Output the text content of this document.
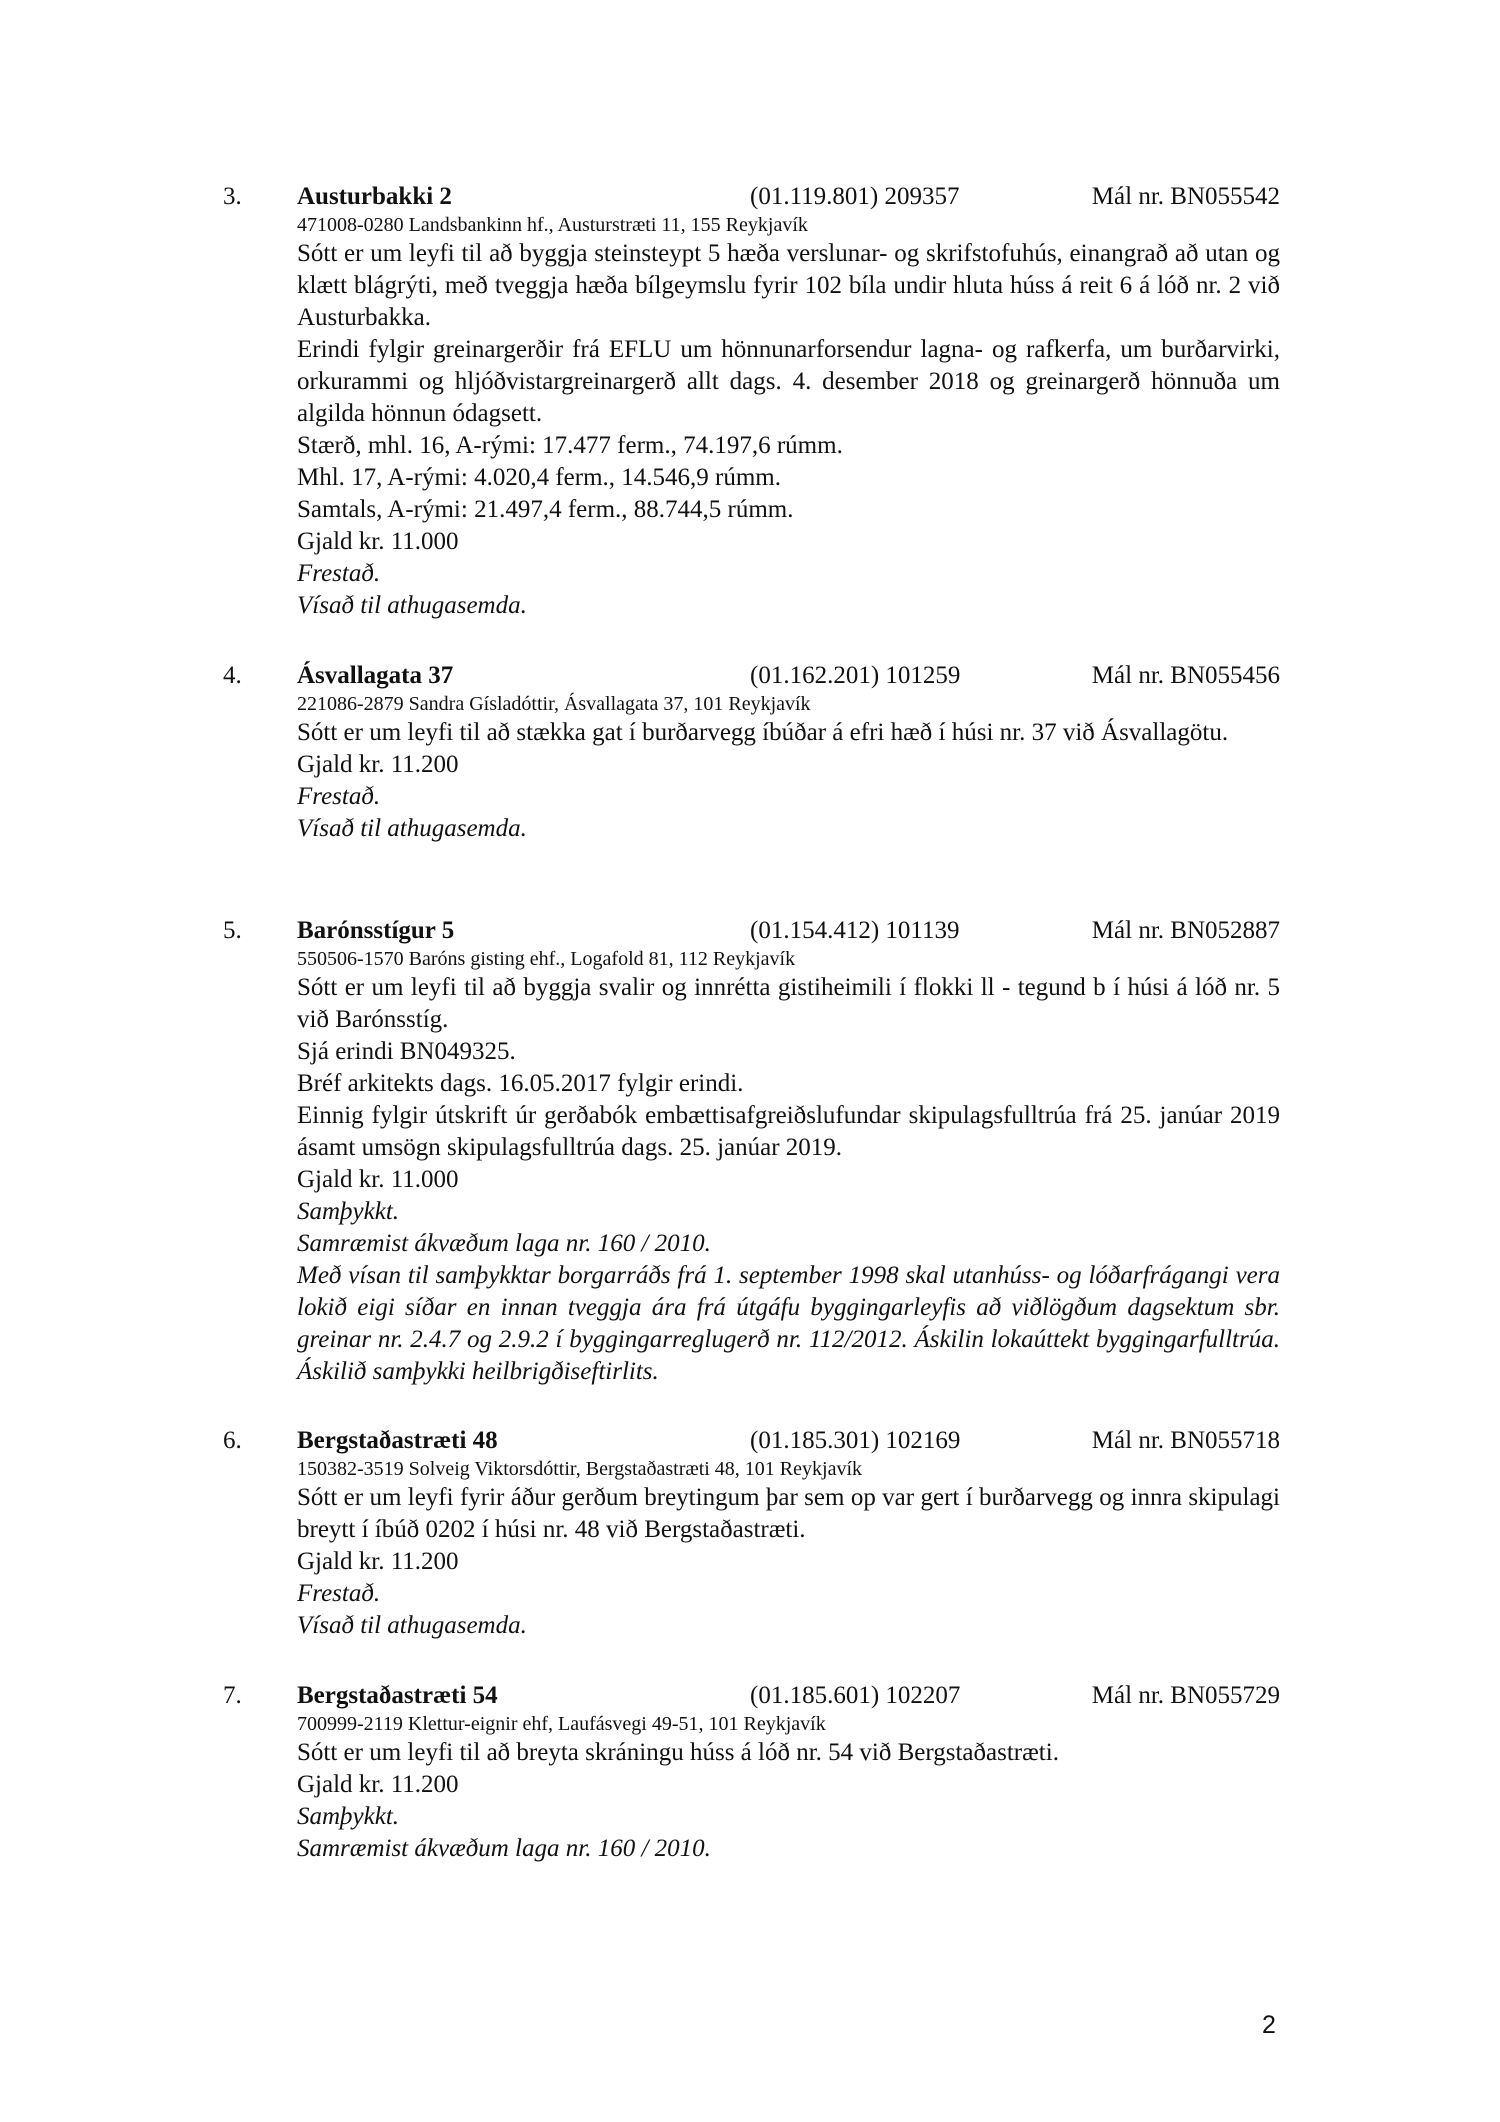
3. Austurbakki 2	(01.119.801) 209357	Mál nr. BN055542
471008-0280 Landsbankinn hf., Austurstræti 11, 155 Reykjavík

Sótt er um leyfi til að byggja steinsteypt 5 hæða verslunar- og skrifstofuhús, einangrað að utan og klætt blágrýti, með tveggja hæða bílgeymslu fyrir 102 bíla undir hluta húss á reit 6 á lóð nr. 2 við Austurbakka.

Erindi fylgir greinargerðir frá EFLU um hönnunarforsendur lagna- og rafkerfa, um burðarvirki, orkurammi og hljóðvistargreinargerð allt dags. 4. desember 2018 og greinargerð hönnuða um algilda hönnun ódagsett.

Stærð, mhl. 16, A-rými: 17.477 ferm., 74.197,6 rúmm.

Mhl. 17, A-rými: 4.020,4 ferm., 14.546,9 rúmm.

Samtals, A-rými: 21.497,4 ferm., 88.744,5 rúmm.

Gjald kr. 11.000

Frestað.

Vísað til athugasemda.

4. Ásvallagata 37	(01.162.201) 101259	Mál nr. BN055456
221086-2879 Sandra Gísladóttir, Ásvallagata 37, 101 Reykjavík

Sótt er um leyfi til að stækka gat í burðarvegg íbúðar á efri hæð í húsi nr. 37 við Ásvallagötu.

Gjald kr. 11.200

Frestað.

Vísað til athugasemda.

5. Barónsstígur 5	(01.154.412) 101139	Mál nr. BN052887
550506-1570 Baróns gisting ehf., Logafold 81, 112 Reykjavík

Sótt er um leyfi til að byggja svalir og innrétta gistiheimili í flokki ll - tegund b í húsi á lóð nr. 5 við Barónsstíg.

Sjá erindi BN049325.

Bréf arkitekts dags. 16.05.2017 fylgir erindi.

Einnig fylgir útskrift úr gerðabók embættisafgreiðslufundar skipulagsfulltrúa frá 25. janúar 2019 ásamt umsögn skipulagsfulltrúa dags. 25. janúar 2019.

Gjald kr. 11.000

Samþykkt.

Samræmist ákvæðum laga nr. 160 / 2010.

Með vísan til samþykktar borgarráðs frá 1. september 1998 skal utanhúss- og lóðarfrágangi vera lokið eigi síðar en innan tveggja ára frá útgáfu byggingarleyfis að viðlögðum dagsektum sbr. greinar nr. 2.4.7 og 2.9.2 í byggingarreglugerð nr. 112/2012. Áskilin lokaúttekt byggingarfulltrúa. Áskilið samþykki heilbrigðiseftirlits.

6. Bergstaðastræti 48	(01.185.301) 102169	Mál nr. BN055718
150382-3519 Solveig Viktorsdóttir, Bergstaðastræti 48, 101 Reykjavík

Sótt er um leyfi fyrir áður gerðum breytingum þar sem op var gert í burðarvegg og innra skipulagi breytt í íbúð 0202 í húsi nr. 48 við Bergstaðastræti.

Gjald kr. 11.200

Frestað.

Vísað til athugasemda.

7. Bergstaðastræti 54	(01.185.601) 102207	Mál nr. BN055729
700999-2119 Klettur-eignir ehf, Laufásvegi 49-51, 101 Reykjavík

Sótt er um leyfi til að breyta skráningu húss á lóð nr. 54 við Bergstaðastræti.

Gjald kr. 11.200

Samþykkt.

Samræmist ákvæðum laga nr. 160 / 2010.

2
